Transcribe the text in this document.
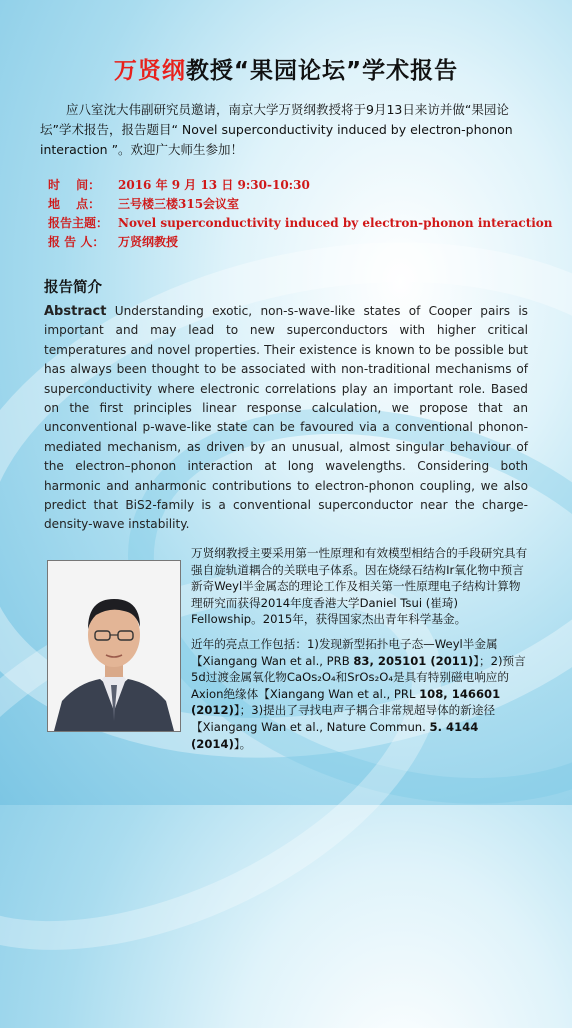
万贤纲教授“果园论坛”学术报告
应八室沈大伟副研究员邀请，南京大学万贤纲教授将于9月13日来访并做“果园论坛”学术报告，报告题目“ Novel superconductivity induced by electron-phonon interaction ”。欢迎广大师生参加！
时　 间：	2016 年 9 月 13 日 9:30-10:30
地　 点：	三号楼三楼315会议室
报告主题： Novel superconductivity induced by electron-phonon interaction
报 告 人：	万贤纲教授
报告简介
Abstract Understanding exotic, non-s-wave-like states of Cooper pairs is important and may lead to new superconductors with higher critical temperatures and novel properties. Their existence is known to be possible but has always been thought to be associated with non-traditional mechanisms of superconductivity where electronic correlations play an important role. Based on the first principles linear response calculation, we propose that an unconventional p-wave-like state can be favoured via a conventional phonon-mediated mechanism, as driven by an unusual, almost singular behaviour of the electron–phonon interaction at long wavelengths. Considering both harmonic and anharmonic contributions to electron-phonon coupling, we also predict that BiS2-family is a conventional superconductor near the charge-density-wave instability.

万贤纲教授主要采用第一性原理和有效模型相结合的手段研究具有强自旋轨道耦合的关联电子体系。因在烧绿石结构Ir氧化物中预言新奇Weyl半金属态的理论工作及相关第一性原理电子结构计算物理研究而获得2014年度香港大学Daniel Tsui (崔琦) Fellowship。2015年，获得国家杰出青年科学基金。

近年的亮点工作包括：1)发现新型拓扑电子态—Weyl半金属【Xiangang Wan et al., PRB 83, 205101 (2011)】；2)预言5d过渡金属氧化物CaOs₂O₄和SrOs₂O₄是具有特别磁电响应的Axion绝缘体【Xiangang Wan et al., PRL 108, 146601 (2012)】；3)提出了寻找电声子耦合非常规超导体的新途径【Xiangang Wan et al., Nature Commun. 5. 4144 (2014)】。
